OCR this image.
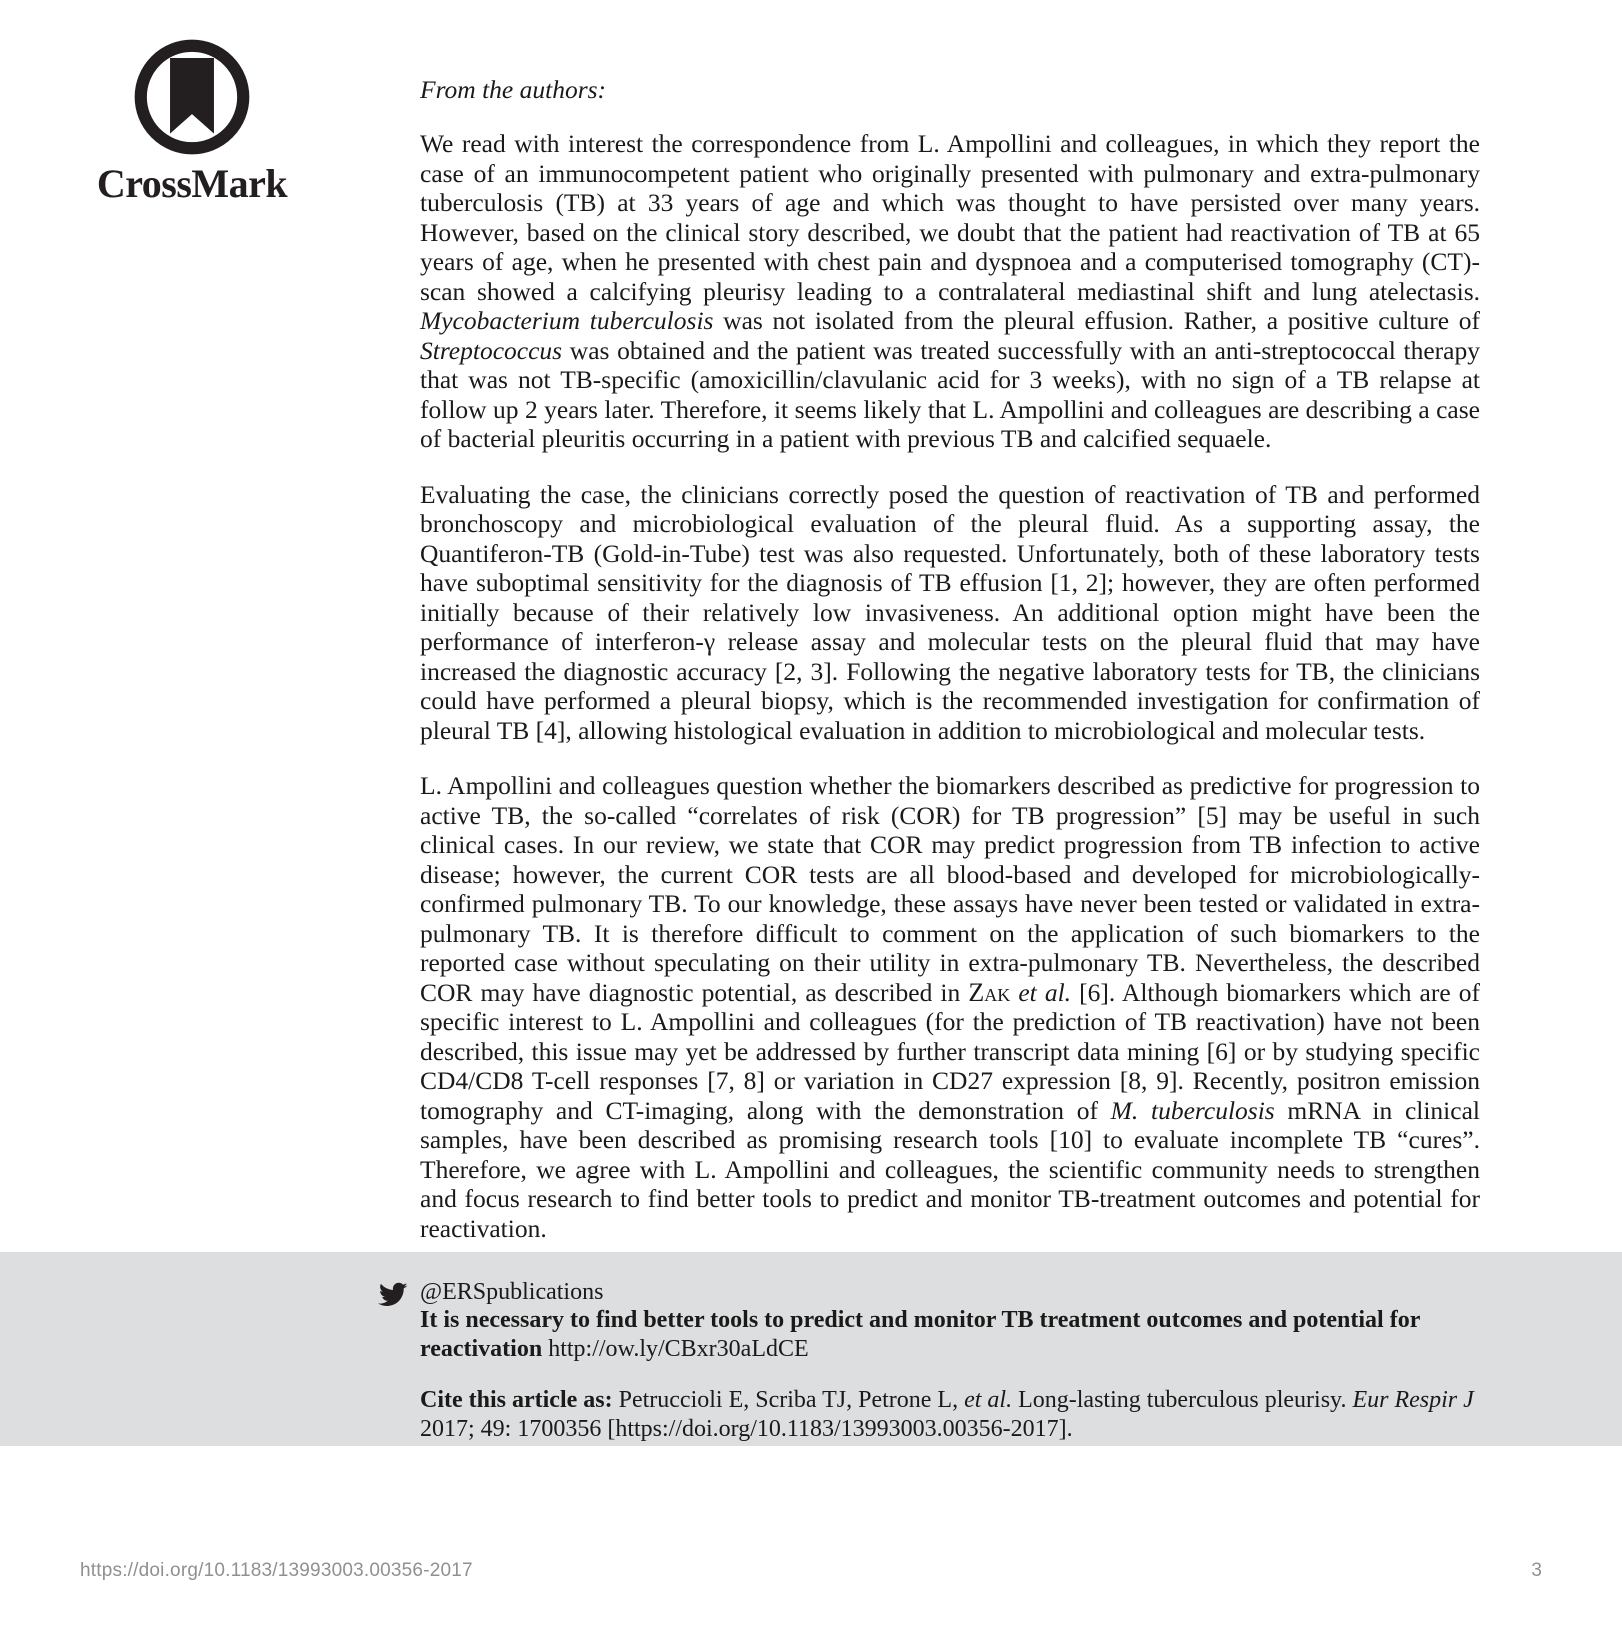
CrossMark
From the authors:

We read with interest the correspondence from L. Ampollini and colleagues, in which they report the case of an immunocompetent patient who originally presented with pulmonary and extra-pulmonary tuberculosis (TB) at 33 years of age and which was thought to have persisted over many years. However, based on the clinical story described, we doubt that the patient had reactivation of TB at 65 years of age, when he presented with chest pain and dyspnoea and a computerised tomography (CT)-scan showed a calcifying pleurisy leading to a contralateral mediastinal shift and lung atelectasis. Mycobacterium tuberculosis was not isolated from the pleural effusion. Rather, a positive culture of Streptococcus was obtained and the patient was treated successfully with an anti-streptococcal therapy that was not TB-specific (amoxicillin/clavulanic acid for 3 weeks), with no sign of a TB relapse at follow up 2 years later. Therefore, it seems likely that L. Ampollini and colleagues are describing a case of bacterial pleuritis occurring in a patient with previous TB and calcified sequaele.

Evaluating the case, the clinicians correctly posed the question of reactivation of TB and performed bronchoscopy and microbiological evaluation of the pleural fluid. As a supporting assay, the Quantiferon-TB (Gold-in-Tube) test was also requested. Unfortunately, both of these laboratory tests have suboptimal sensitivity for the diagnosis of TB effusion [1, 2]; however, they are often performed initially because of their relatively low invasiveness. An additional option might have been the performance of interferon-γ release assay and molecular tests on the pleural fluid that may have increased the diagnostic accuracy [2, 3]. Following the negative laboratory tests for TB, the clinicians could have performed a pleural biopsy, which is the recommended investigation for confirmation of pleural TB [4], allowing histological evaluation in addition to microbiological and molecular tests.

L. Ampollini and colleagues question whether the biomarkers described as predictive for progression to active TB, the so-called “correlates of risk (COR) for TB progression” [5] may be useful in such clinical cases. In our review, we state that COR may predict progression from TB infection to active disease; however, the current COR tests are all blood-based and developed for microbiologically-confirmed pulmonary TB. To our knowledge, these assays have never been tested or validated in extra-pulmonary TB. It is therefore difficult to comment on the application of such biomarkers to the reported case without speculating on their utility in extra-pulmonary TB. Nevertheless, the described COR may have diagnostic potential, as described in Zak et al. [6]. Although biomarkers which are of specific interest to L. Ampollini and colleagues (for the prediction of TB reactivation) have not been described, this issue may yet be addressed by further transcript data mining [6] or by studying specific CD4/CD8 T-cell responses [7, 8] or variation in CD27 expression [8, 9]. Recently, positron emission tomography and CT-imaging, along with the demonstration of M. tuberculosis mRNA in clinical samples, have been described as promising research tools [10] to evaluate incomplete TB “cures”. Therefore, we agree with L. Ampollini and colleagues, the scientific community needs to strengthen and focus research to find better tools to predict and monitor TB-treatment outcomes and potential for reactivation.

@ERSpublications
It is necessary to find better tools to predict and monitor TB treatment outcomes and potential for reactivation http://ow.ly/CBxr30aLdCE
Cite this article as: Petruccioli E, Scriba TJ, Petrone L, et al. Long-lasting tuberculous pleurisy. Eur Respir J 2017; 49: 1700356 [https://doi.org/10.1183/13993003.00356-2017].
https://doi.org/10.1183/13993003.00356-2017	3
